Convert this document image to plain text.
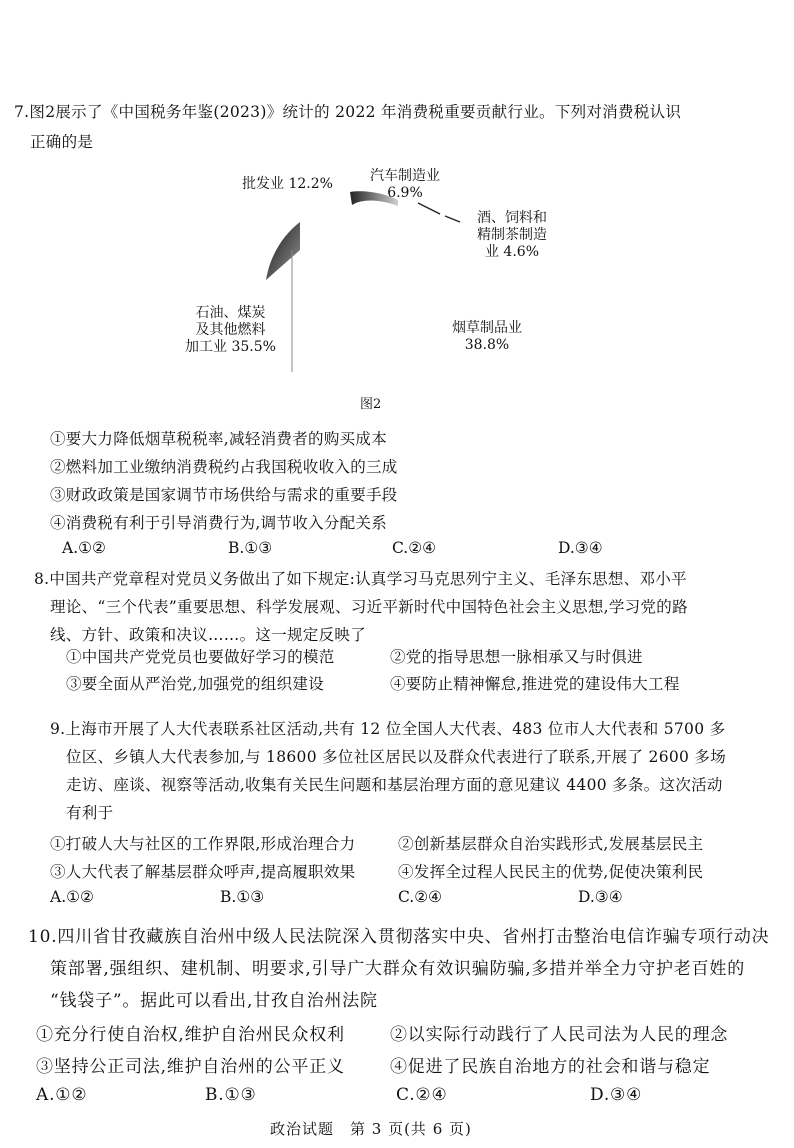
7.图2展示了《中国税务年鉴(2023)》统计的 2022 年消费税重要贡献行业。下列对消费税认识
正确的是
批发业 12.2%	汽车制造业
6.9%
酒、饲料和
精制茶制造
业 4.6%
石油、煤炭
及其他燃料
加工业 35.5%
烟草制品业
38.8%
图2
①要大力降低烟草税税率,减轻消费者的购买成本
②燃料加工业缴纳消费税约占我国税收收入的三成
③财政政策是国家调节市场供给与需求的重要手段
④消费税有利于引导消费行为,调节收入分配关系
A.①②	B.①③	C.②④	D.③④
8.中国共产党章程对党员义务做出了如下规定:认真学习马克思列宁主义、毛泽东思想、邓小平
理论、“三个代表”重要思想、科学发展观、习近平新时代中国特色社会主义思想,学习党的路
线、方针、政策和决议……。这一规定反映了
①中国共产党党员也要做好学习的模范	②党的指导思想一脉相承又与时俱进
③要全面从严治党,加强党的组织建设	④要防止精神懈怠,推进党的建设伟大工程
9.上海市开展了人大代表联系社区活动,共有 12 位全国人大代表、483 位市人大代表和 5700 多
位区、乡镇人大代表参加,与 18600 多位社区居民以及群众代表进行了联系,开展了 2600 多场
走访、座谈、视察等活动,收集有关民生问题和基层治理方面的意见建议 4400 多条。这次活动
有利于
①打破人大与社区的工作界限,形成治理合力	②创新基层群众自治实践形式,发展基层民主
③人大代表了解基层群众呼声,提高履职效果	④发挥全过程人民民主的优势,促使决策利民
A.①②	B.①③	C.②④	D.③④
10.四川省甘孜藏族自治州中级人民法院深入贯彻落实中央、省州打击整治电信诈骗专项行动决
策部署,强组织、建机制、明要求,引导广大群众有效识骗防骗,多措并举全力守护老百姓的
“钱袋子”。据此可以看出,甘孜自治州法院
①充分行使自治权,维护自治州民众权利	②以实际行动践行了人民司法为人民的理念
③坚持公正司法,维护自治州的公平正义	④促进了民族自治地方的社会和谐与稳定
A.①②	B.①③	C.②④	D.③④
政治试题　第 3 页(共 6 页)
